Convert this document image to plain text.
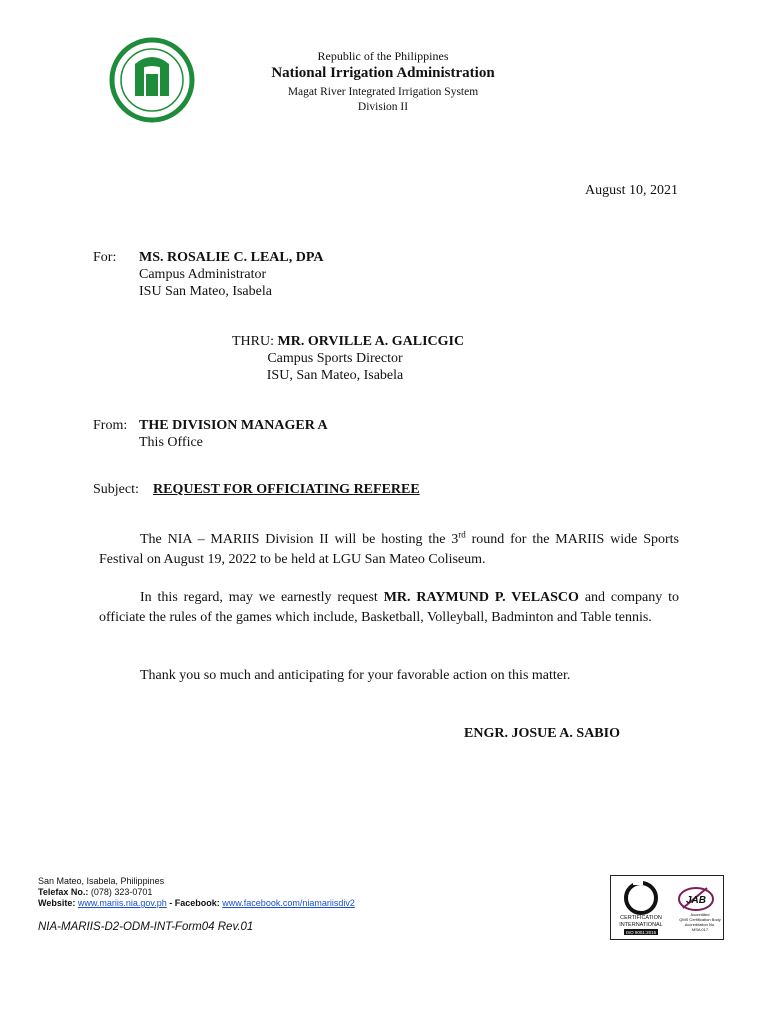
Republic of the Philippines
National Irrigation Administration
Magat River Integrated Irrigation System
Division II
August 10, 2021
For: MS. ROSALIE C. LEAL, DPA
Campus Administrator
ISU San Mateo, Isabela
THRU: MR. ORVILLE A. GALICGIC
Campus Sports Director
ISU, San Mateo, Isabela
From: THE DIVISION MANAGER A
This Office
Subject: REQUEST FOR OFFICIATING REFEREE
The NIA – MARIIS Division II will be hosting the 3rd round for the MARIIS wide Sports Festival on August 19, 2022 to be held at LGU San Mateo Coliseum.
In this regard, may we earnestly request MR. RAYMUND P. VELASCO and company to officiate the rules of the games which include, Basketball, Volleyball, Badminton and Table tennis.
Thank you so much and anticipating for your favorable action on this matter.
ENGR. JOSUE A. SABIO
San Mateo, Isabela, Philippines
Telefax No.: (078) 323-0701
Website: www.mariis.nia.gov.ph - Facebook: www.facebook.com/niamariisdiv2
NIA-MARIIS-D2-ODM-INT-Form04 Rev.01
CERTIFICATION
INTERNATIONAL
ISO 9001:2015
JAB
Accredited
QMS Certification Body
Accreditation No.
MSA 017
